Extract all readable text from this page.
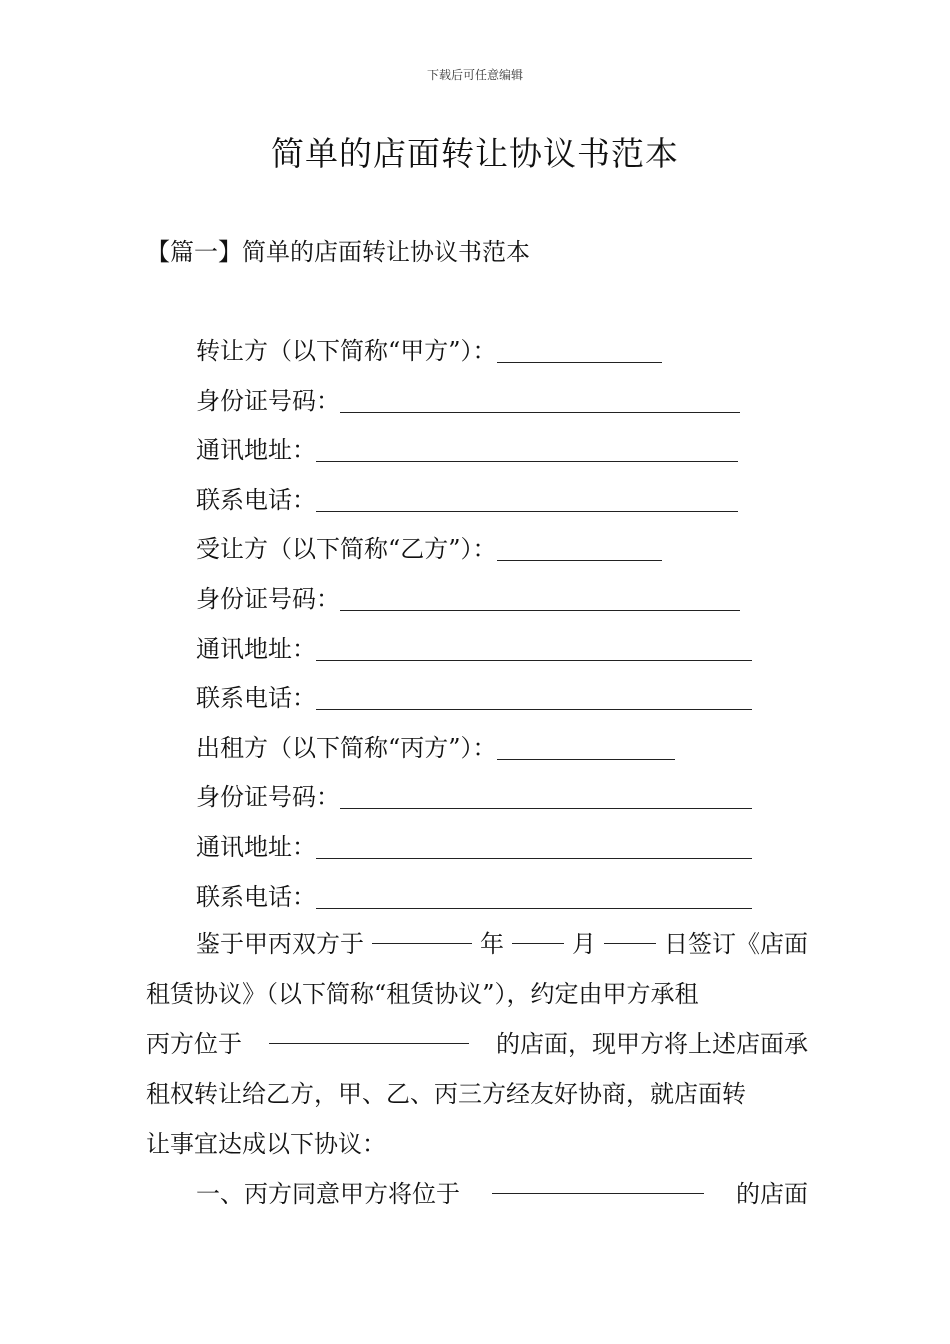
下载后可任意编辑
简单的店面转让协议书范本
【篇一】简单的店面转让协议书范本
转让方（以下简称“甲方”）：
身份证号码：
通讯地址：
联系电话：
受让方（以下简称“乙方”）：
身份证号码：
通讯地址：
联系电话：
出租方（以下简称“丙方”）：
身份证号码：
通讯地址：
联系电话：
鉴于甲丙双方于	年	月	日签订《店面
租赁协议》（以下简称“租赁协议”），约定由甲方承租
丙方位于	的店面，现甲方将上述店面承
租权转让给乙方，甲、乙、丙三方经友好协商，就店面转
让事宜达成以下协议：
一、丙方同意甲方将位于	的店面
